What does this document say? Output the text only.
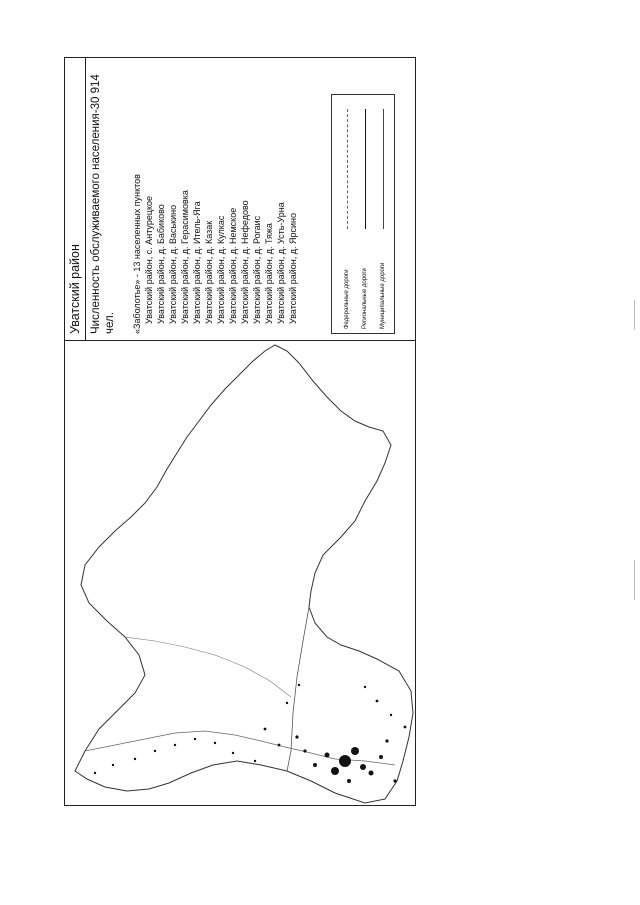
Уватский район Численность обслуживаемого населения-30 914 чел. «Заболотье» - 13 населенных пунктов Уватский район, с. Антурецкое Уватский район, д. Бабиково Уватский район, д. Васькино Уватский район, д. Герасимовка Уватский район, д. Итель-Яга Уватский район, д. Казак Уватский район, д. Кулкас Уватский район, д. Немское Уватский район, д. Нефедово Уватский район, д. Рогаис Уватский район, д. Тяжа Уватский район, д. Усть-Урна Уватский район, д. Ярсино	Федеральные дороги	Региональные дороги	Муниципальные дороги
